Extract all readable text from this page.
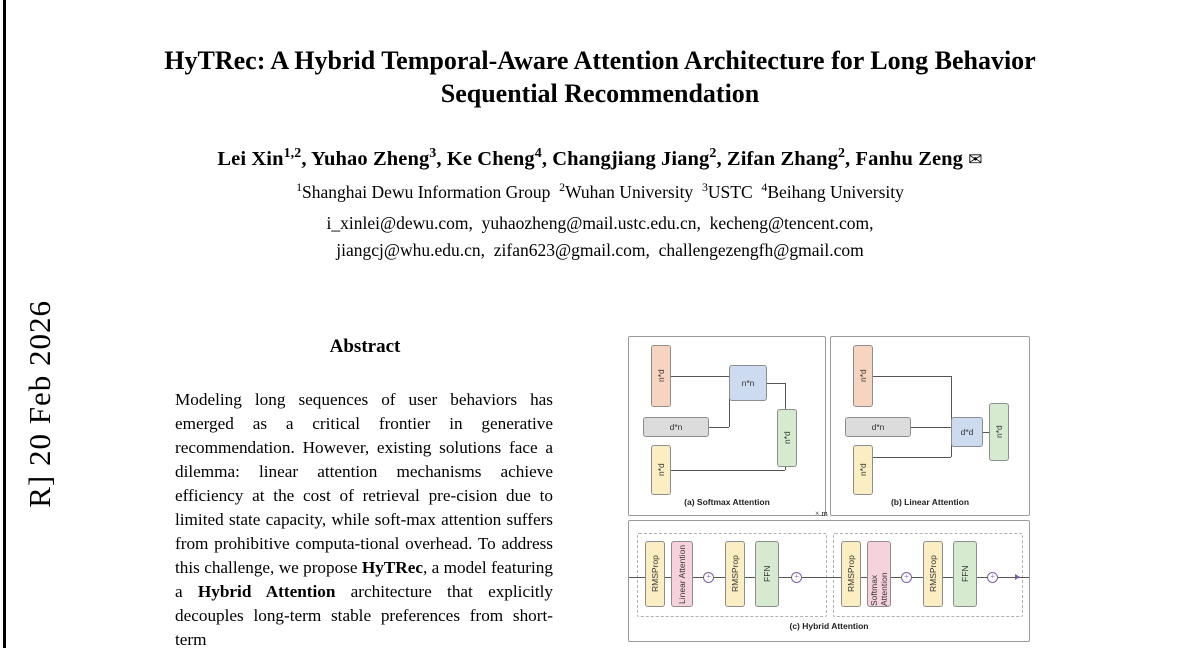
R] 20 Feb 2026
HyTRec: A Hybrid Temporal-Aware Attention Architecture for Long Behavior Sequential Recommendation
Lei Xin$^{1,2}$, Yuhao Zheng$^3$, Ke Cheng$^4$, Changjiang Jiang$^2$, Zifan Zhang$^2$, Fanhu Zeng ✉
$^1$Shanghai Dewu Information Group  $^2$Wuhan University  $^3$USTC  $^4$Beihang University
i_xinlei@dewu.com,  yuhaozheng@mail.ustc.edu.cn,  kecheng@tencent.com,
jiangcj@whu.edu.cn,  zifan623@gmail.com,  challengezengfh@gmail.com
Abstract
Modeling long sequences of user behaviors has emerged as a critical frontier in generative recommendation. However, existing solutions face a dilemma: linear attention mechanisms achieve efficiency at the cost of retrieval pre-cision due to limited state capacity, while soft-max attention suffers from prohibitive computa-tional overhead. To address this challenge, we propose HyTRec, a model featuring a Hybrid Attention architecture that explicitly decouples long-term stable preferences from short-term
n*d
d*n
n*d
n*n
n*d
(a) Softmax Attention
n*d
d*n
n*d
d*d	n*d
(b) Linear Attention
× m
RMSProp	Linear Attention	+	RMSProp	FFN	+	RMSProp	Softmax Attention	+	RMSProp	FFN	+
(c) Hybrid Attention
